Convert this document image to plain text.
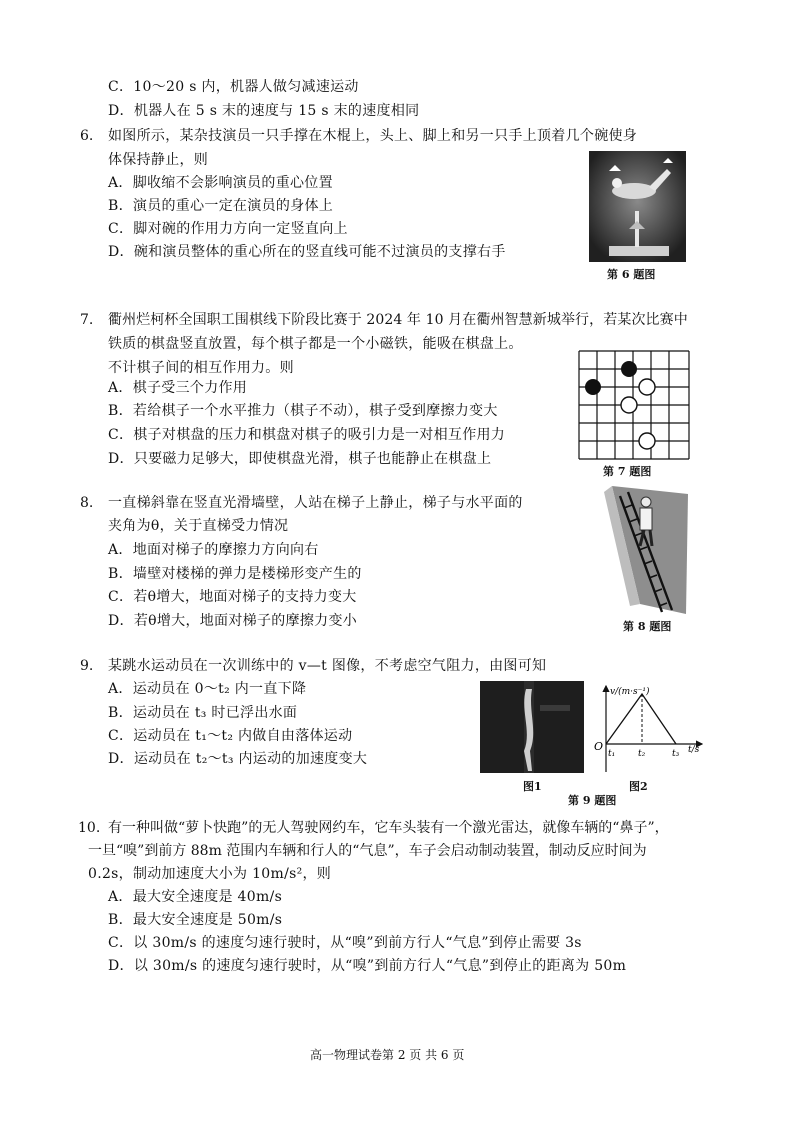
C．10～20 s 内，机器人做匀减速运动
D．机器人在 5 s 末的速度与 15 s 末的速度相同
6. 如图所示，某杂技演员一只手撑在木棍上，头上、脚上和另一只手上顶着几个碗使身
体保持静止，则
A．脚收缩不会影响演员的重心位置
B．演员的重心一定在演员的身体上
C．脚对碗的作用力方向一定竖直向上
D．碗和演员整体的重心所在的竖直线可能不过演员的支撑右手
第 6 题图
7. 衢州烂柯杯全国职工围棋线下阶段比赛于 2024 年 10 月在衢州智慧新城举行，若某次比赛中
铁质的棋盘竖直放置，每个棋子都是一个小磁铁，能吸在棋盘上。
不计棋子间的相互作用力。则
A．棋子受三个力作用
B．若给棋子一个水平推力（棋子不动），棋子受到摩擦力变大
C．棋子对棋盘的压力和棋盘对棋子的吸引力是一对相互作用力
D．只要磁力足够大，即使棋盘光滑，棋子也能静止在棋盘上
第 7 题图
8. 一直梯斜靠在竖直光滑墙壁，人站在梯子上静止，梯子与水平面的
夹角为θ，关于直梯受力情况
A．地面对梯子的摩擦力方向向右
B．墙壁对楼梯的弹力是楼梯形变产生的
C．若θ增大，地面对梯子的支持力变大
D．若θ增大，地面对梯子的摩擦力变小	第 8 题图
9. 某跳水运动员在一次训练中的 v—t 图像，不考虑空气阻力，由图可知
A．运动员在 0～t₂ 内一直下降
B．运动员在 t₃ 时已浮出水面
C．运动员在 t₁～t₂ 内做自由落体运动
D．运动员在 t₂～t₃ 内运动的加速度变大
图1
v/(m·s⁻¹)
t/s
O
t₁	t₂	t₃
图2
第 9 题图
10. 有一种叫做“萝卜快跑”的无人驾驶网约车，它车头装有一个激光雷达，就像车辆的“鼻子”，
一旦“嗅”到前方 88m 范围内车辆和行人的“气息”，车子会启动制动装置，制动反应时间为
0.2s，制动加速度大小为 10m/s²，则
A．最大安全速度是 40m/s
B．最大安全速度是 50m/s
C．以 30m/s 的速度匀速行驶时，从“嗅”到前方行人“气息”到停止需要 3s
D．以 30m/s 的速度匀速行驶时，从“嗅”到前方行人“气息”到停止的距离为 50m
高一物理试卷第 2 页 共 6 页
